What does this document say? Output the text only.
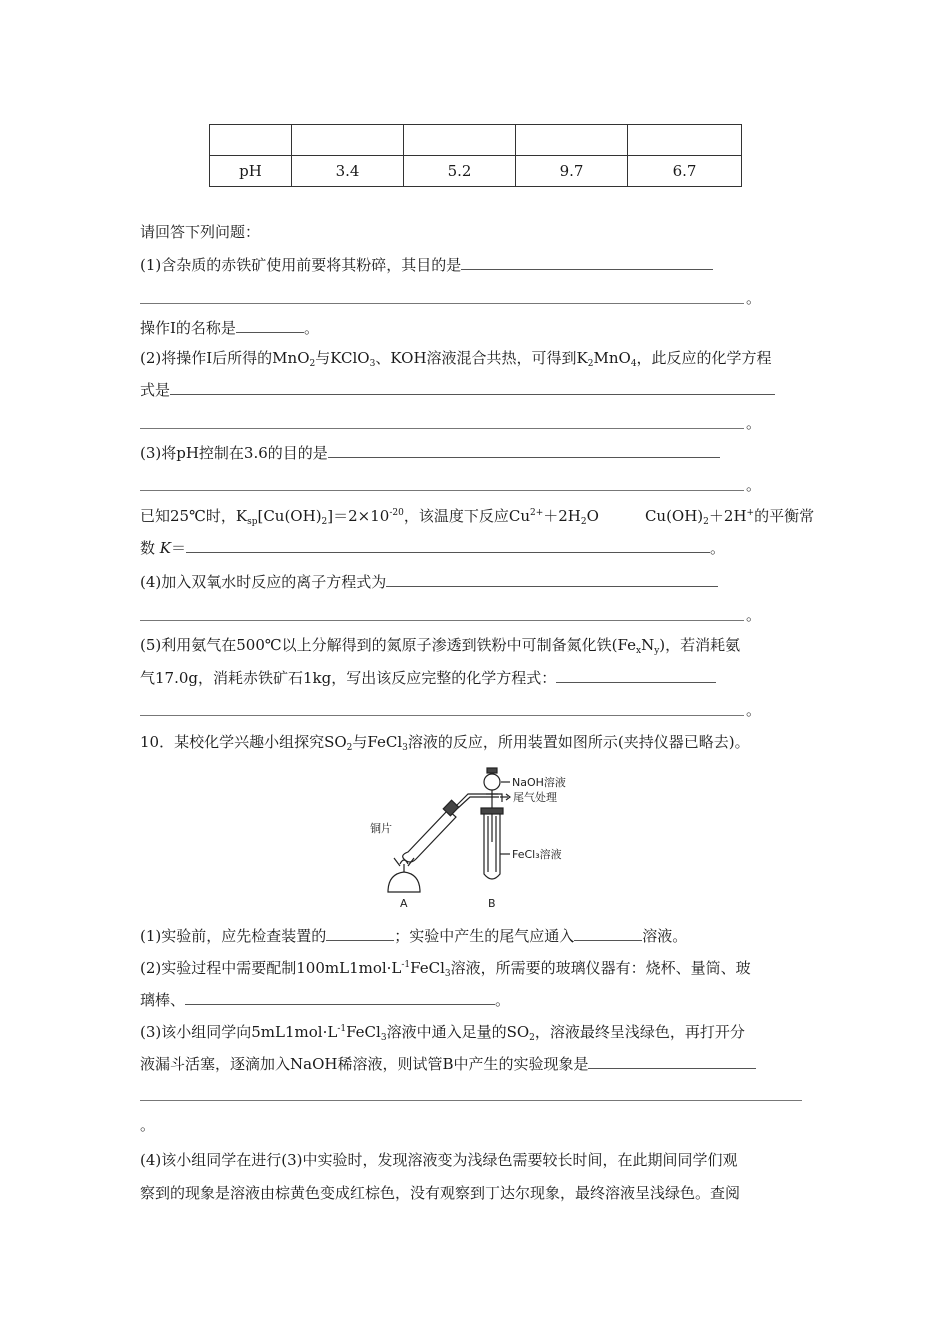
pH	3.4	5.2	9.7	6.7
请回答下列问题：
(1)含杂质的赤铁矿使用前要将其粉碎，其目的是
。
操作Ⅰ的名称是	。
(2)将操作Ⅰ后所得的MnO$_2$与KClO$_3$、KOH溶液混合共热，可得到$K_2MnO_4$，此反应的化学方程
式是
。
(3)将pH控制在3.6的目的是
。
已知25℃时，$K_{sp}[Cu(OH)_2]=2\times 10^{-20}$，该温度下反应$Cu^{2+}+2H_2O$	$Cu(OH)_2+2H^+$的平衡常
数 K＝	。
(4)加入双氧水时反应的离子方程式为
。
(5)利用氨气在500℃以上分解得到的氮原子渗透到铁粉中可制备氮化铁$(Fe_xN_y)$，若消耗氨
气17.0g，消耗赤铁矿石1kg，写出该反应完整的化学方程式：
。
10．某校化学兴趣小组探究$SO_2$与FeCl$_3$溶液的反应，所用装置如图所示(夹持仪器已略去)。
NaOH溶液
尾气处理
铜片
FeCl₃溶液
A	B
(1)实验前，应先检查装置的	；实验中产生的尾气应通入	溶液。
(2)实验过程中需要配制$100mL1mol\cdot L^{-1}FeCl_3$溶液，所需要的玻璃仪器有：烧杯、量筒、玻
璃棒、	。
(3)该小组同学向$5mL1mol\cdot L^{-1}FeCl_3$溶液中通入足量的$SO_2$，溶液最终呈浅绿色，再打开分
液漏斗活塞，逐滴加入NaOH稀溶液，则试管B中产生的实验现象是
。
(4)该小组同学在进行(3)中实验时，发现溶液变为浅绿色需要较长时间，在此期间同学们观
察到的现象是溶液由棕黄色变成红棕色，没有观察到丁达尔现象，最终溶液呈浅绿色。查阅
